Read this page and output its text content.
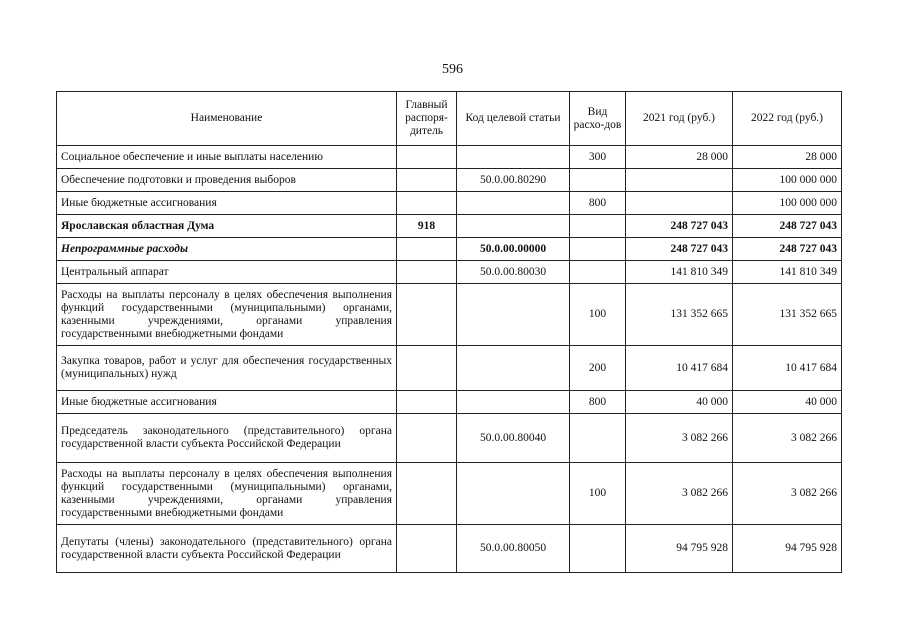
596
Наименование	Главный распоря-дитель	Код целевой статьи	Вид расхо-дов	2021 год (руб.)	2022 год (руб.)
Социальное обеспечение и иные выплаты населению			300	28 000	28 000
Обеспечение подготовки и проведения выборов		50.0.00.80290			100 000 000
Иные бюджетные ассигнования			800		100 000 000
Ярославская областная Дума	918			248 727 043	248 727 043
Непрограммные расходы		50.0.00.00000		248 727 043	248 727 043
Центральный аппарат		50.0.00.80030		141 810 349	141 810 349

Расходы на выплаты персоналу в целях обеспечения выполнения функций государственными (муниципальными) органами, казенными учреждениями, органами управления государственными внебюджетными фондами			100	131 352 665	131 352 665

Закупка товаров, работ и услуг для обеспечения государственных (муниципальных) нужд			200	10 417 684	10 417 684
Иные бюджетные ассигнования			800	40 000	40 000

Председатель законодательного (представительного) органа государственной власти субъекта Российской Федерации		50.0.00.80040		3 082 266	3 082 266

Расходы на выплаты персоналу в целях обеспечения выполнения функций государственными (муниципальными) органами, казенными учреждениями, органами управления государственными внебюджетными фондами			100	3 082 266	3 082 266

Депутаты (члены) законодательного (представительного) органа государственной власти субъекта Российской Федерации		50.0.00.80050		94 795 928	94 795 928
